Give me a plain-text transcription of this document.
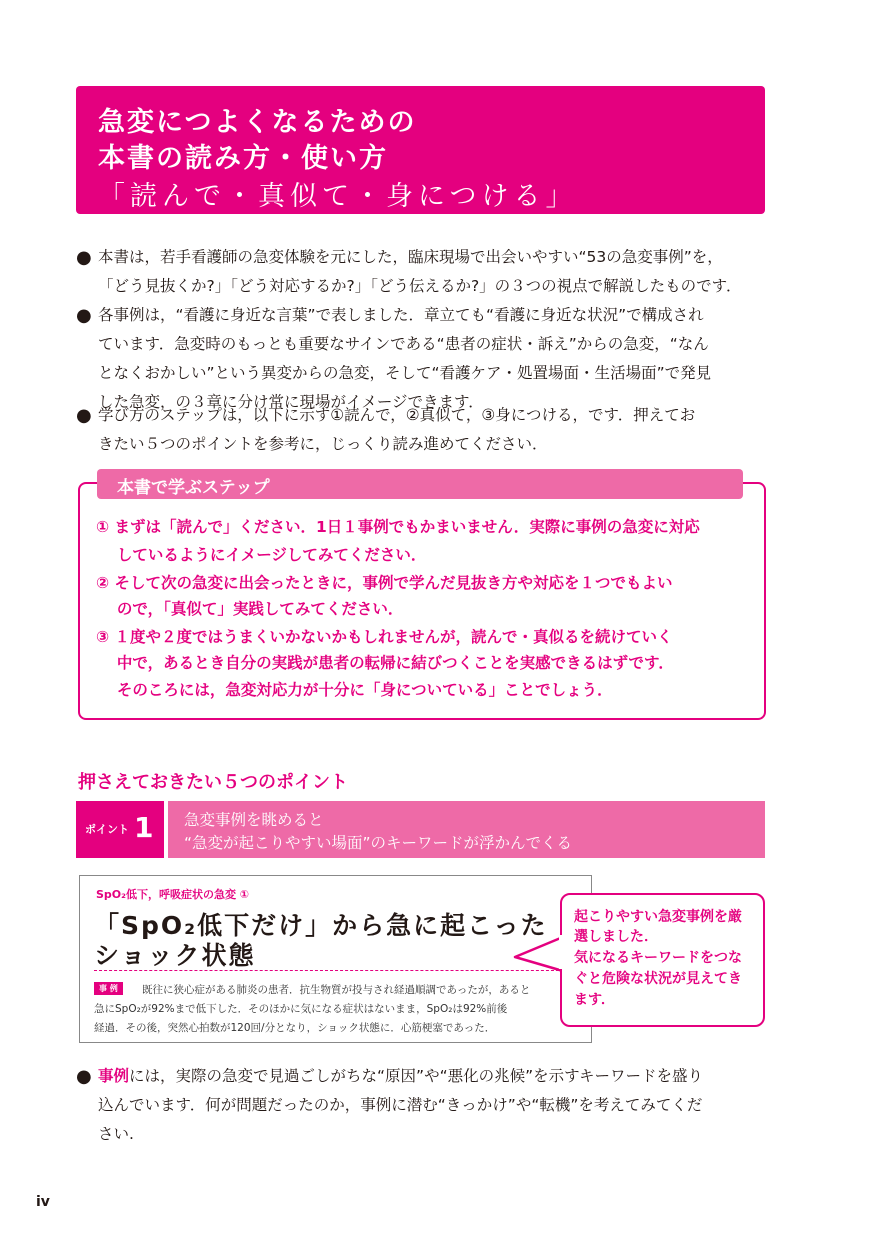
急変につよくなるための
本書の読み方・使い方
「読んで・真似て・身につける」
● 本書は，若手看護師の急変体験を元にした，臨床現場で出会いやすい“53の急変事例”を，
「どう見抜くか?」「どう対応するか?」「どう伝えるか?」の３つの視点で解説したものです．
● 各事例は，“看護に身近な言葉”で表しました．章立ても“看護に身近な状況”で構成され
ています．急変時のもっとも重要なサインである“患者の症状・訴え”からの急変，“なん
となくおかしい”という異変からの急変，そして“看護ケア・処置場面・生活場面”で発見
した急変，の３章に分け常に現場がイメージできます．
● 学び方のステップは，以下に示す①読んで，②真似て，③身につける，です．押えてお
きたい５つのポイントを参考に，じっくり読み進めてください．
① まずは「読んで」ください．1日１事例でもかまいません．実際に事例の急変に対応
　 しているようにイメージしてみてください．
② そして次の急変に出会ったときに，事例で学んだ見抜き方や対応を１つでもよい
　 ので，「真似て」実践してみてください．
③ １度や２度ではうまくいかないかもしれませんが，読んで・真似るを続けていく
　 中で，あるとき自分の実践が患者の転帰に結びつくことを実感できるはずです．
　 そのころには，急変対応力が十分に「身についている」ことでしょう．
本書で学ぶステップ
押さえておきたい５つのポイント
ポイント 1 急変事例を眺めると
“急変が起こりやすい場面”のキーワードが浮かんでくる
SpO₂低下，呼吸症状の急変 ①
「SpO₂低下だけ」から急に起こった
ショック状態
事 例	既往に狭心症がある肺炎の患者．抗生物質が投与され経過順調であったが，あると
急にSpO₂が92%まで低下した．そのほかに気になる症状はないまま，SpO₂は92%前後
経過．その後，突然心拍数が120回/分となり，ショック状態に．心筋梗塞であった．
起こりやすい急変事例を厳
選しました．
気になるキーワードをつな
ぐと危険な状況が見えてき
ます．
● 事例には，実際の急変で見過ごしがちな“原因”や“悪化の兆候”を示すキーワードを盛り
込んでいます．何が問題だったのか，事例に潜む“きっかけ”や“転機”を考えてみてくだ
さい.
iv
